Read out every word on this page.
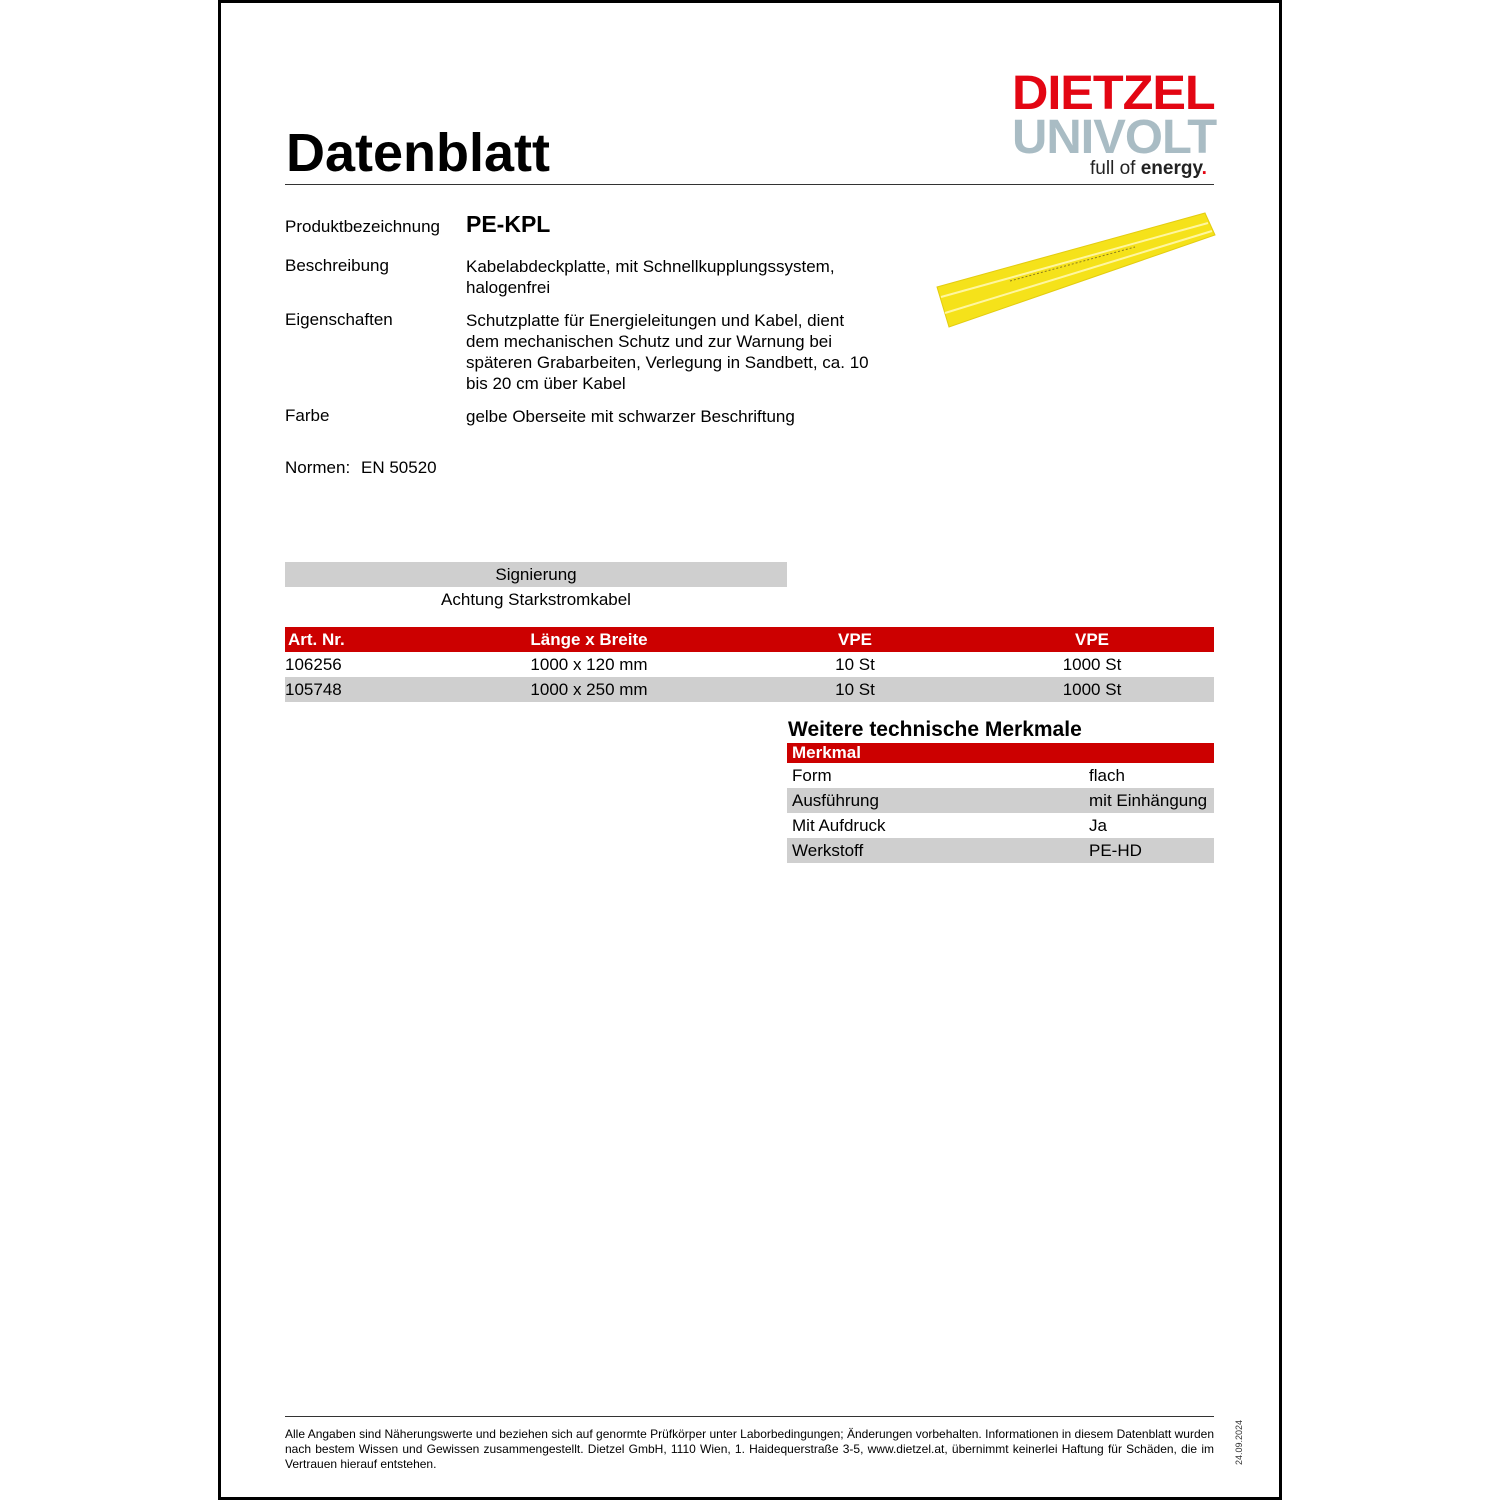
Datenblatt
DIETZEL
UNIVOLT
full of energy.
Produktbezeichnung PE-KPL
Beschreibung	Kabelabdeckplatte, mit Schnellkupplungssystem, halogenfrei
Eigenschaften	Schutzplatte für Energieleitungen und Kabel, dient dem mechanischen Schutz und zur Warnung bei späteren Grabarbeiten, Verlegung in Sandbett, ca. 10 bis 20 cm über Kabel
Farbe	gelbe Oberseite mit schwarzer Beschriftung
Normen: EN 50520
Signierung
Achtung Starkstromkabel
Art. Nr.	Länge x Breite	VPE	VPE
106256	1000 x 120 mm	10 St	1000 St
105748	1000 x 250 mm	10 St	1000 St
Weitere technische Merkmale
Merkmal
Form	flach
Ausführung	mit Einhängung
Mit Aufdruck	Ja
Werkstoff	PE-HD
Alle Angaben sind Näherungswerte und beziehen sich auf genormte Prüfkörper unter Laborbedingungen; Änderungen vorbehalten. Informationen in diesem Datenblatt wurden nach bestem Wissen und Gewissen zusammengestellt. Dietzel GmbH, 1110 Wien, 1. Haidequerstraße 3-5, www.dietzel.at, übernimmt keinerlei Haftung für Schäden, die im Vertrauen hierauf entstehen.	24.09.2024
